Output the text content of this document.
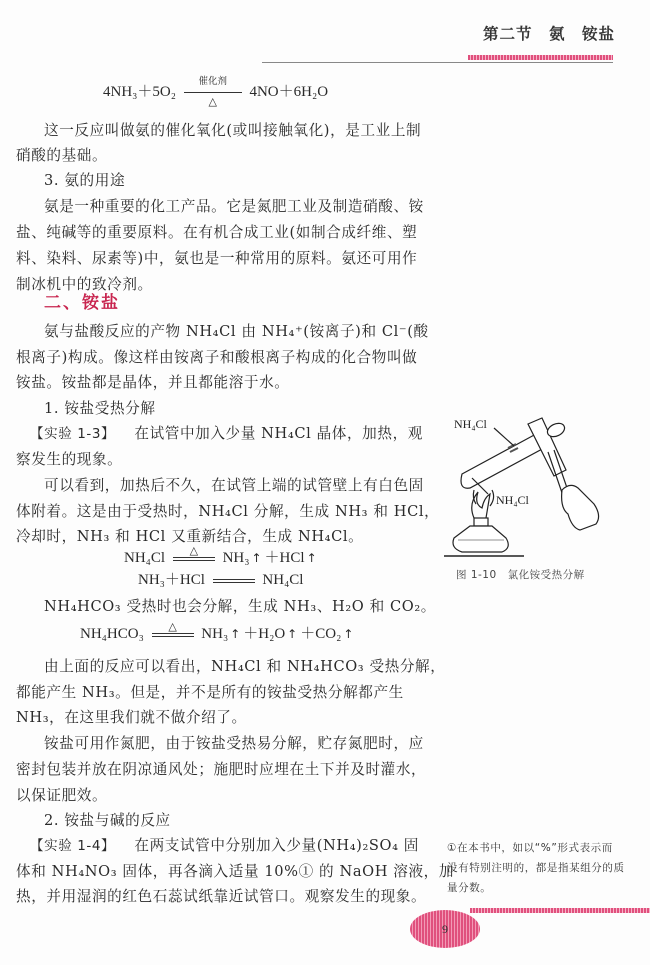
第二节　氨　铵盐
4NH₃＋5O₂
催化剂
△
4NO＋6H₂O
这一反应叫做氨的催化氧化(或叫接触氧化)，是工业上制
硝酸的基础。
3. 氨的用途
氨是一种重要的化工产品。它是氮肥工业及制造硝酸、铵
盐、纯碱等的重要原料。在有机合成工业(如制合成纤维、塑
料、染料、尿素等)中，氨也是一种常用的原料。氨还可用作
制冰机中的致冷剂。
二、铵盐
氨与盐酸反应的产物 NH₄Cl 由 NH₄⁺(铵离子)和 Cl⁻(酸
根离子)构成。像这样由铵离子和酸根离子构成的化合物叫做
铵盐。铵盐都是晶体，并且都能溶于水。
1. 铵盐受热分解
【实验 1-3】 在试管中加入少量 NH₄Cl 晶体，加热，观
察发生的现象。
可以看到，加热后不久，在试管上端的试管壁上有白色固
体附着。这是由于受热时，NH₄Cl 分解，生成 NH₃ 和 HCl，
冷却时，NH₃ 和 HCl 又重新结合，生成 NH₄Cl。
NH₄Cl	△	NH₃ ↑ ＋HCl ↑
NH₃＋HCl	NH₄Cl
NH₄HCO₃ 受热时也会分解，生成 NH₃、H₂O 和 CO₂。
NH₄HCO₃	△	NH₃ ↑ ＋H₂O ↑ ＋CO₂ ↑
由上面的反应可以看出，NH₄Cl 和 NH₄HCO₃ 受热分解，
都能产生 NH₃。但是，并不是所有的铵盐受热分解都产生
NH₃，在这里我们就不做介绍了。
铵盐可用作氮肥，由于铵盐受热易分解，贮存氮肥时，应
密封包装并放在阴凉通风处；施肥时应埋在土下并及时灌水，
以保证肥效。
2. 铵盐与碱的反应
【实验 1-4】 在两支试管中分别加入少量(NH₄)₂SO₄ 固
体和 NH₄NO₃ 固体，再各滴入适量 10%① 的 NaOH 溶液，加
热，并用湿润的红色石蕊试纸靠近试管口。观察发生的现象。
NH₄Cl
NH₄Cl
图 1-10　氯化铵受热分解
①在本书中，如以“%”形式表示而
没有特别注明的，都是指某组分的质
量分数。
9
